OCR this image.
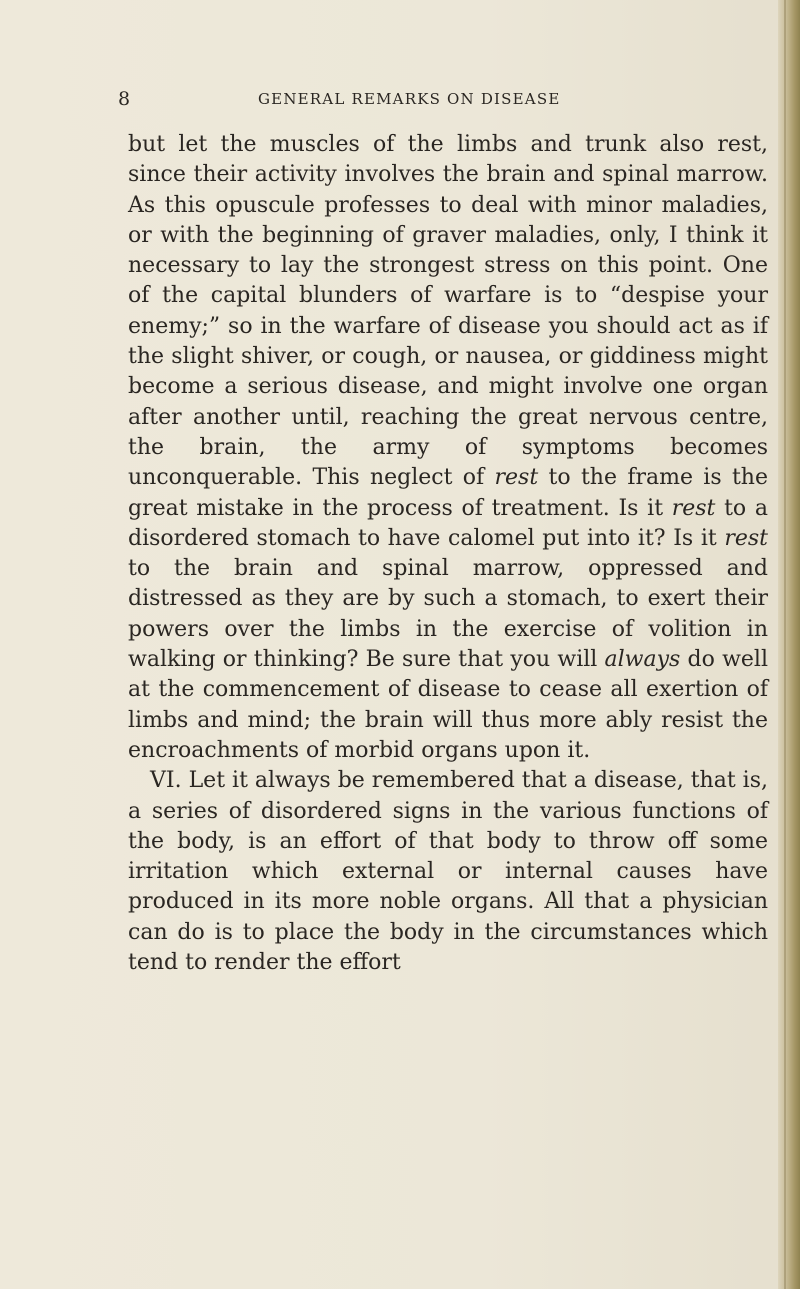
8	GENERAL REMARKS ON DISEASE

but let the muscles of the limbs and trunk also rest, since their activity involves the brain and spinal marrow. As this opuscule professes to deal with minor maladies, or with the beginning of graver maladies, only, I think it necessary to lay the strongest stress on this point. One of the capital blunders of warfare is to “despise your enemy;” so in the warfare of disease you should act as if the slight shiver, or cough, or nausea, or giddiness might become a serious disease, and might involve one organ after another until, reaching the great nervous centre, the brain, the army of symptoms becomes unconquerable. This neglect of rest to the frame is the great mistake in the process of treatment. Is it rest to a disordered stomach to have calomel put into it? Is it rest to the brain and spinal marrow, oppressed and distressed as they are by such a stomach, to exert their powers over the limbs in the exercise of volition in walking or thinking? Be sure that you will always do well at the commencement of disease to cease all exertion of limbs and mind; the brain will thus more ably resist the encroachments of morbid organs upon it.

VI. Let it always be remembered that a disease, that is, a series of disordered signs in the various functions of the body, is an effort of that body to throw off some irritation which external or internal causes have produced in its more noble organs. All that a physician can do is to place the body in the circumstances which tend to render the effort
